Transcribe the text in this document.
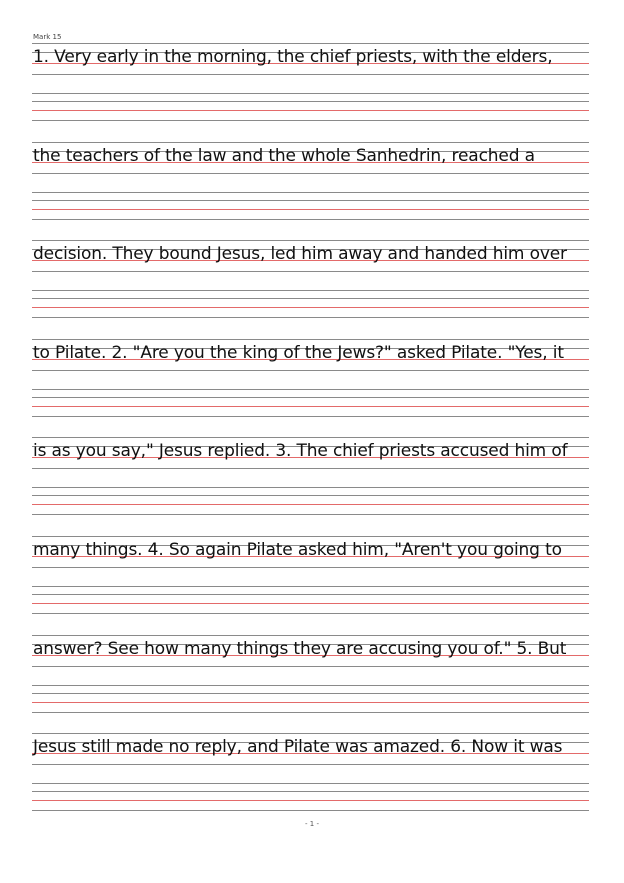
Mark 15
1. Very early in the morning, the chief priests, with the elders,
the teachers of the law and the whole Sanhedrin, reached a
decision. They bound Jesus, led him away and handed him over
to Pilate. 2. "Are you the king of the Jews?" asked Pilate. "Yes, it
is as you say," Jesus replied. 3. The chief priests accused him of
many things. 4. So again Pilate asked him, "Aren't you going to
answer? See how many things they are accusing you of." 5. But
Jesus still made no reply, and Pilate was amazed. 6. Now it was
- 1 -
